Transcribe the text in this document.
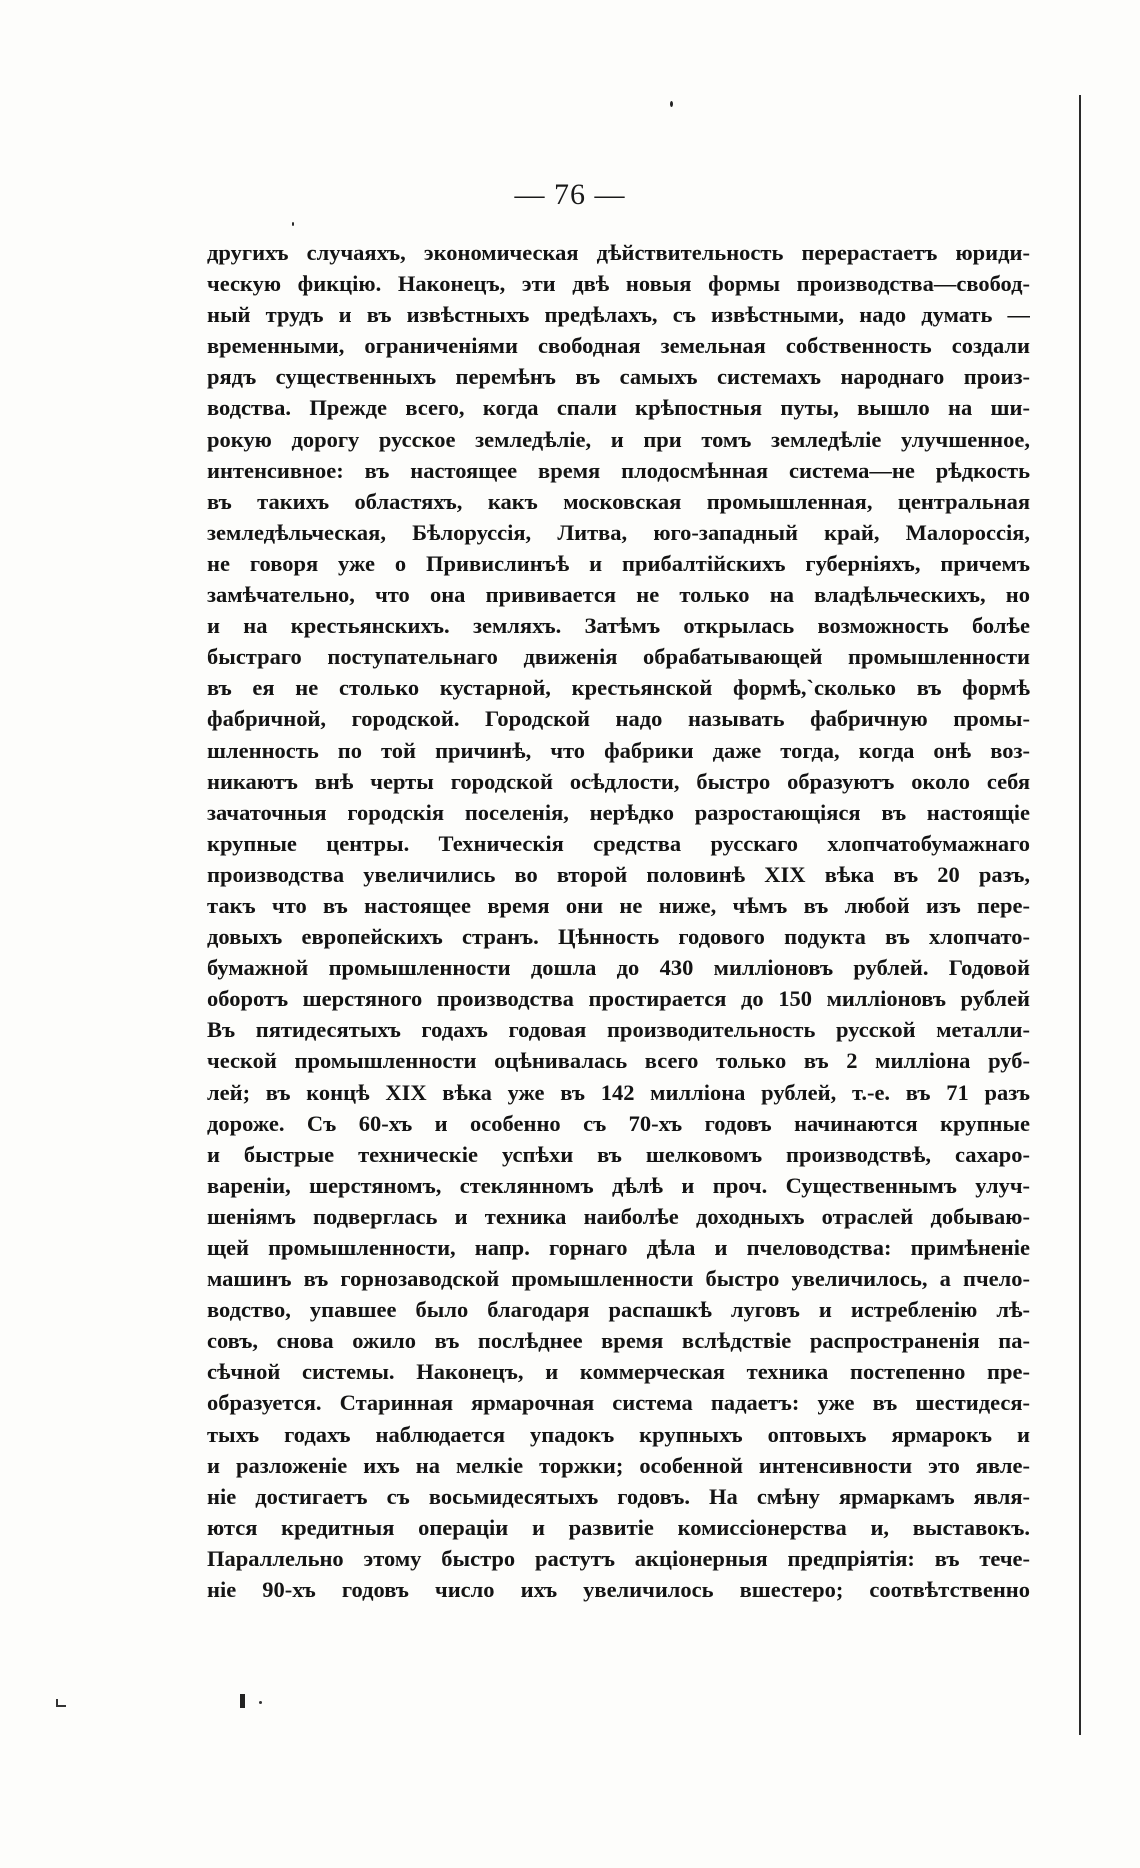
— 76 —
другихъ случаяхъ, экономическая дѣйствительность перерастаетъ юриди-
ческую фикцію. Наконецъ, эти двѣ новыя формы производства—свобод-
ный трудъ и въ извѣстныхъ предѣлахъ, съ извѣстными, надо думать —
временными, ограниченіями свободная земельная собственность создали
рядъ существенныхъ перемѣнъ въ самыхъ системахъ народнаго произ-
водства. Прежде всего, когда спали крѣпостныя путы, вышло на ши-
рокую дорогу русское земледѣліе, и при томъ земледѣліе улучшенное,
интенсивное: въ настоящее время плодосмѣнная система—не рѣдкость
въ такихъ областяхъ, какъ московская промышленная, центральная
земледѣльческая, Бѣлоруссія, Литва, юго-западный край, Малороссія,
не говоря уже о Привислинъѣ и прибалтійскихъ губерніяхъ, причемъ
замѣчательно, что она прививается не только на владѣльческихъ, но
и на крестьянскихъ. земляхъ. Затѣмъ открылась возможность болѣе
быстраго поступательнаго движенія обрабатывающей промышленности
въ ея не столько кустарной, крестьянской формѣ,`сколько въ формѣ
фабричной, городской. Городской надо называть фабричную промы-
шленность по той причинѣ, что фабрики даже тогда, когда онѣ воз-
никаютъ внѣ черты городской осѣдлости, быстро образуютъ около себя
зачаточныя городскія поселенія, нерѣдко разростающіяся въ настоящіе
крупные центры. Техническія средства русскаго хлопчатобумажнаго
производства увеличились во второй половинѣ XIX вѣка въ 20 разъ,
такъ что въ настоящее время они не ниже, чѣмъ въ любой изъ пере-
довыхъ европейскихъ странъ. Цѣнность годового подукта въ хлопчато-
бумажной промышленности дошла до 430 милліоновъ рублей. Годовой
оборотъ шерстяного производства простирается до 150 милліоновъ рублей
Въ пятидесятыхъ годахъ годовая производительность русской металли-
ческой промышленности оцѣнивалась всего только въ 2 милліона руб-
лей; въ концѣ XIX вѣка уже въ 142 милліона рублей, т.-е. въ 71 разъ
дороже. Съ 60-хъ и особенно съ 70-хъ годовъ начинаются крупные
и быстрые техническіе успѣхи въ шелковомъ производствѣ, сахаро-
вареніи, шерстяномъ, стеклянномъ дѣлѣ и проч. Существеннымъ улуч-
шеніямъ подверглась и техника наиболѣе доходныхъ отраслей добываю-
щей промышленности, напр. горнаго дѣла и пчеловодства: примѣненіе
машинъ въ горнозаводской промышленности быстро увеличилось, а пчело-
водство, упавшее было благодаря распашкѣ луговъ и истребленію лѣ-
совъ, снова ожило въ послѣднее время вслѣдствіе распространенія па-
сѣчной системы. Наконецъ, и коммерческая техника постепенно пре-
образуется. Старинная ярмарочная система падаетъ: уже въ шестидеся-
тыхъ годахъ наблюдается упадокъ крупныхъ оптовыхъ ярмарокъ и
и разложеніе ихъ на мелкіе торжки; особенной интенсивности это явле-
ніе достигаетъ съ восьмидесятыхъ годовъ. На смѣну ярмаркамъ явля-
ются кредитныя операціи и развитіе комиссіонерства и, выставокъ.
Параллельно этому быстро растутъ акціонерныя предпріятія: въ тече-
ніе 90-хъ годовъ число ихъ увеличилось вшестеро; соотвѣтственно
